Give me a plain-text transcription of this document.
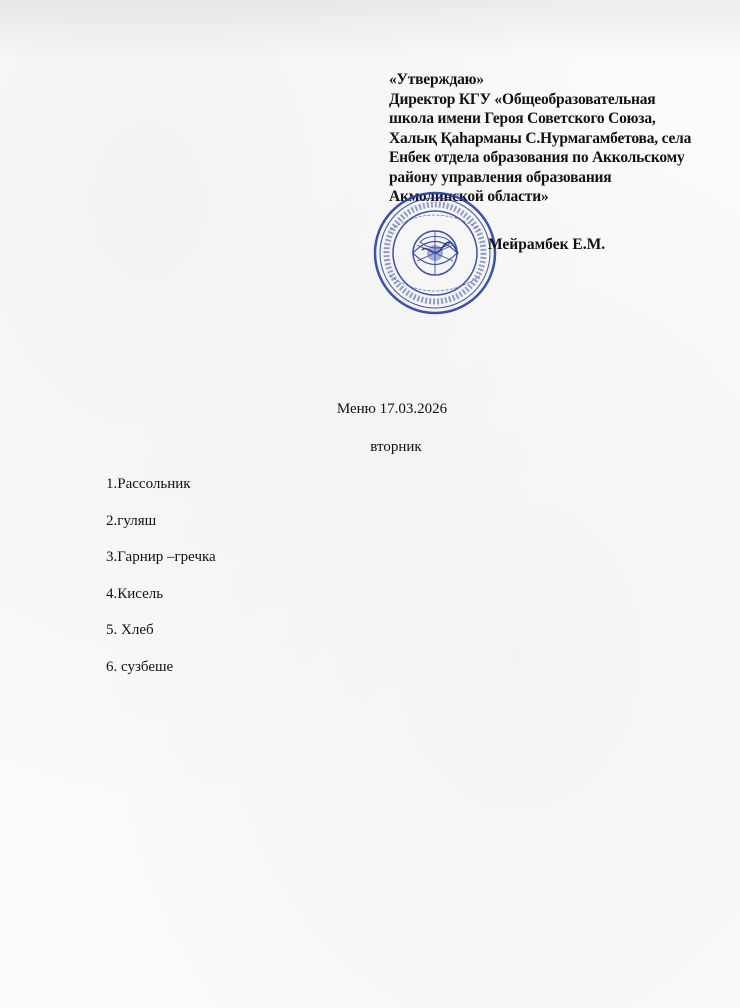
«Утверждаю»
Директор КГУ «Общеобразовательная
школа имени Героя Советского Союза,
Халық Қаһарманы С.Нурмагамбетова, села
Енбек отдела образования по Аккольскому
району управления образования
Акмолинской области»
Мейрамбек Е.М.
Меню 17.03.2026
вторник
1.Рассольник
2.гуляш
3.Гарнир –гречка
4.Кисель
5. Хлеб
6. сузбеше
